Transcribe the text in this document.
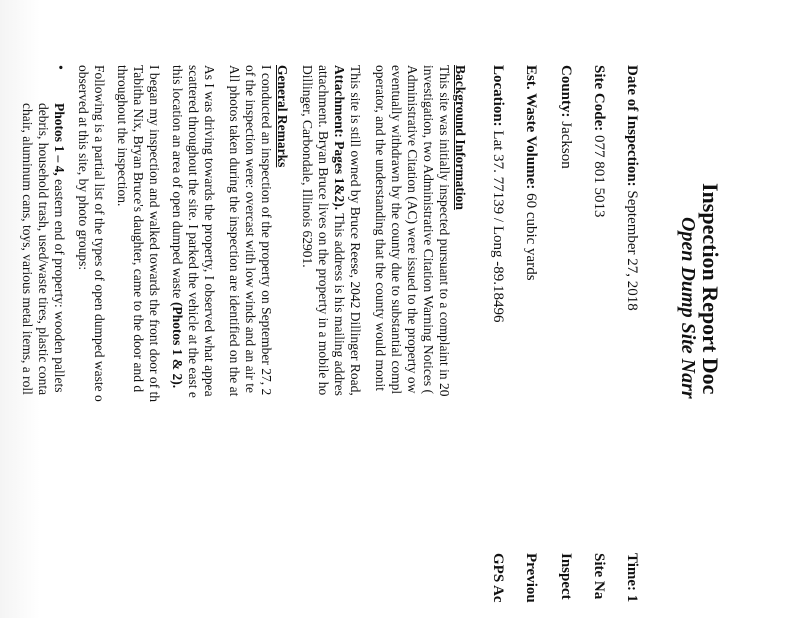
Inspection Report Doc
Open Dump Site Narr
Date of Inspection: September 27, 2018
Time: 1
Site Code: 077 801 5013
Site Na
County: Jackson
Inspect
Est. Waste Volume: 60 cubic yards
Previou
Location: Lat 37. 77139 / Long -89.18496
GPS Ac
Background Information
This site was initially inspected pursuant to a complaint in 20
investigation, two Administrative Citation Warning Notices (
Administrative Citation (AC) were issued to the property ow
eventually withdrawn by the county due to substantial compl
operator, and the understanding that the county would monit
This site is still owned by Bruce Reese, 2042 Dillinger Road,
Attachment: Pages 1&2). This address is his mailing addres
attachment. Bryan Bruce lives on the property in a mobile ho
Dillinger, Carbondale, Illinois 62901.
General Remarks
I conducted an inspection of the property on September 27, 2
of the inspection were: overcast with low winds and an air te
All photos taken during the inspection are identified on the at
As I was driving towards the property, I observed what appea
scattered throughout the site. I parked the vehicle at the east e
this location an area of open dumped waste (Photos 1 & 2).
I began my inspection and walked towards the front door of th
Tabitha Nix, Bryan Bruce's daughter, came to the door and d
throughout the inspection.
Following is a partial list of the types of open dumped waste o
observed at this site, by photo groups:
•
Photos 1 – 4, eastern end of property: wooden pallets
debris, household trash, used/waste tires, plastic conta
chair, aluminum cans, toys, various metal items, a roll
